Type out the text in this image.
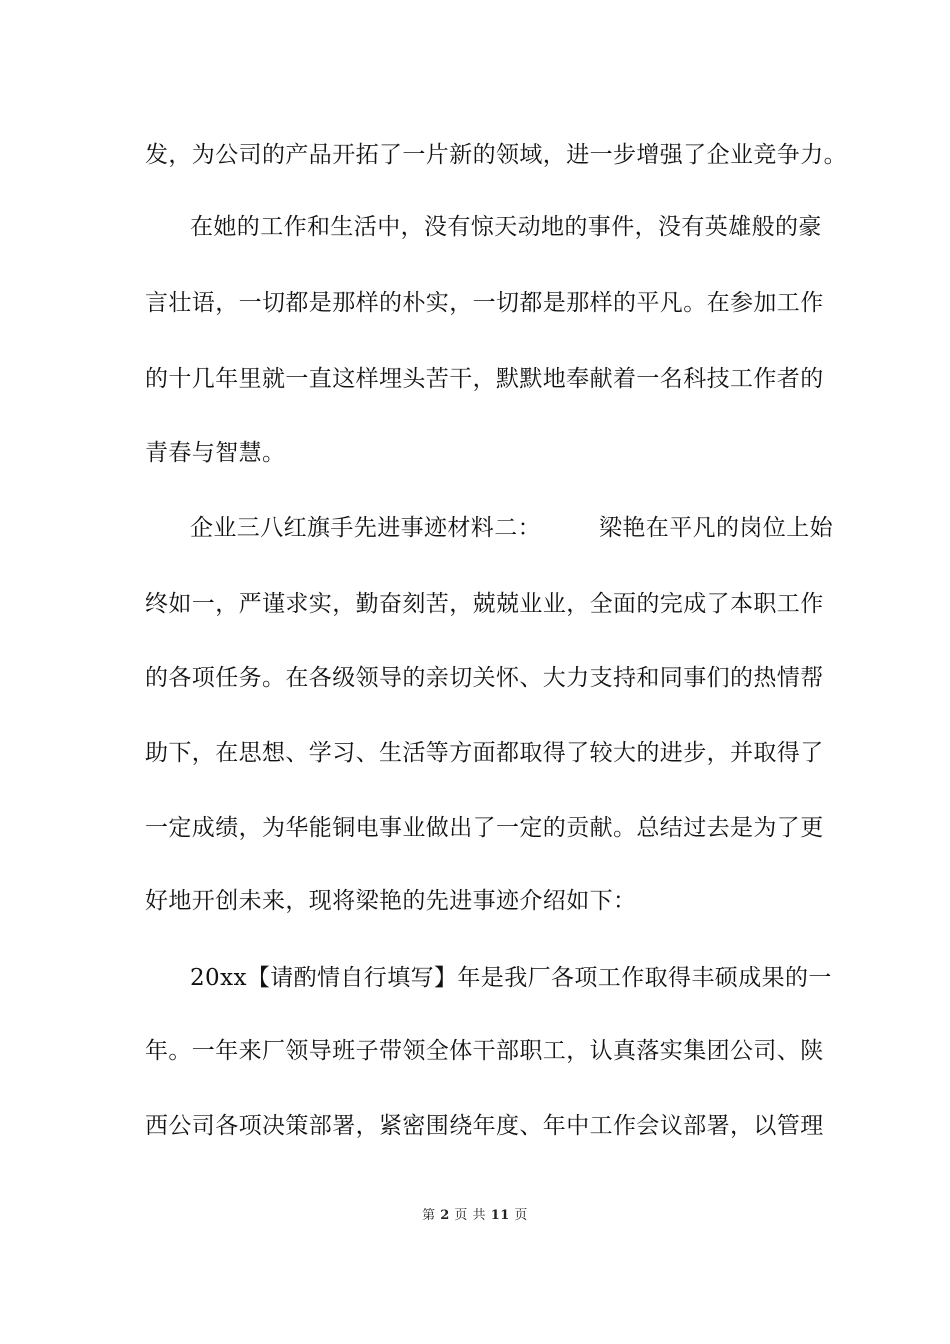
发，为公司的产品开拓了一片新的领域，进一步增强了企业竞争力。
在她的工作和生活中，没有惊天动地的事件，没有英雄般的豪
言壮语，一切都是那样的朴实，一切都是那样的平凡。在参加工作
的十几年里就一直这样埋头苦干，默默地奉献着一名科技工作者的
青春与智慧。
企业三八红旗手先进事迹材料二：	梁艳在平凡的岗位上始
终如一，严谨求实，勤奋刻苦，兢兢业业，全面的完成了本职工作
的各项任务。在各级领导的亲切关怀、大力支持和同事们的热情帮
助下，在思想、学习、生活等方面都取得了较大的进步，并取得了
一定成绩，为华能铜电事业做出了一定的贡献。总结过去是为了更
好地开创未来，现将梁艳的先进事迹介绍如下：
20xx【请酌情自行填写】年是我厂各项工作取得丰硕成果的一
年。一年来厂领导班子带领全体干部职工，认真落实集团公司、陕
西公司各项决策部署，紧密围绕年度、年中工作会议部署，以管理
第 2 页 共 11 页
